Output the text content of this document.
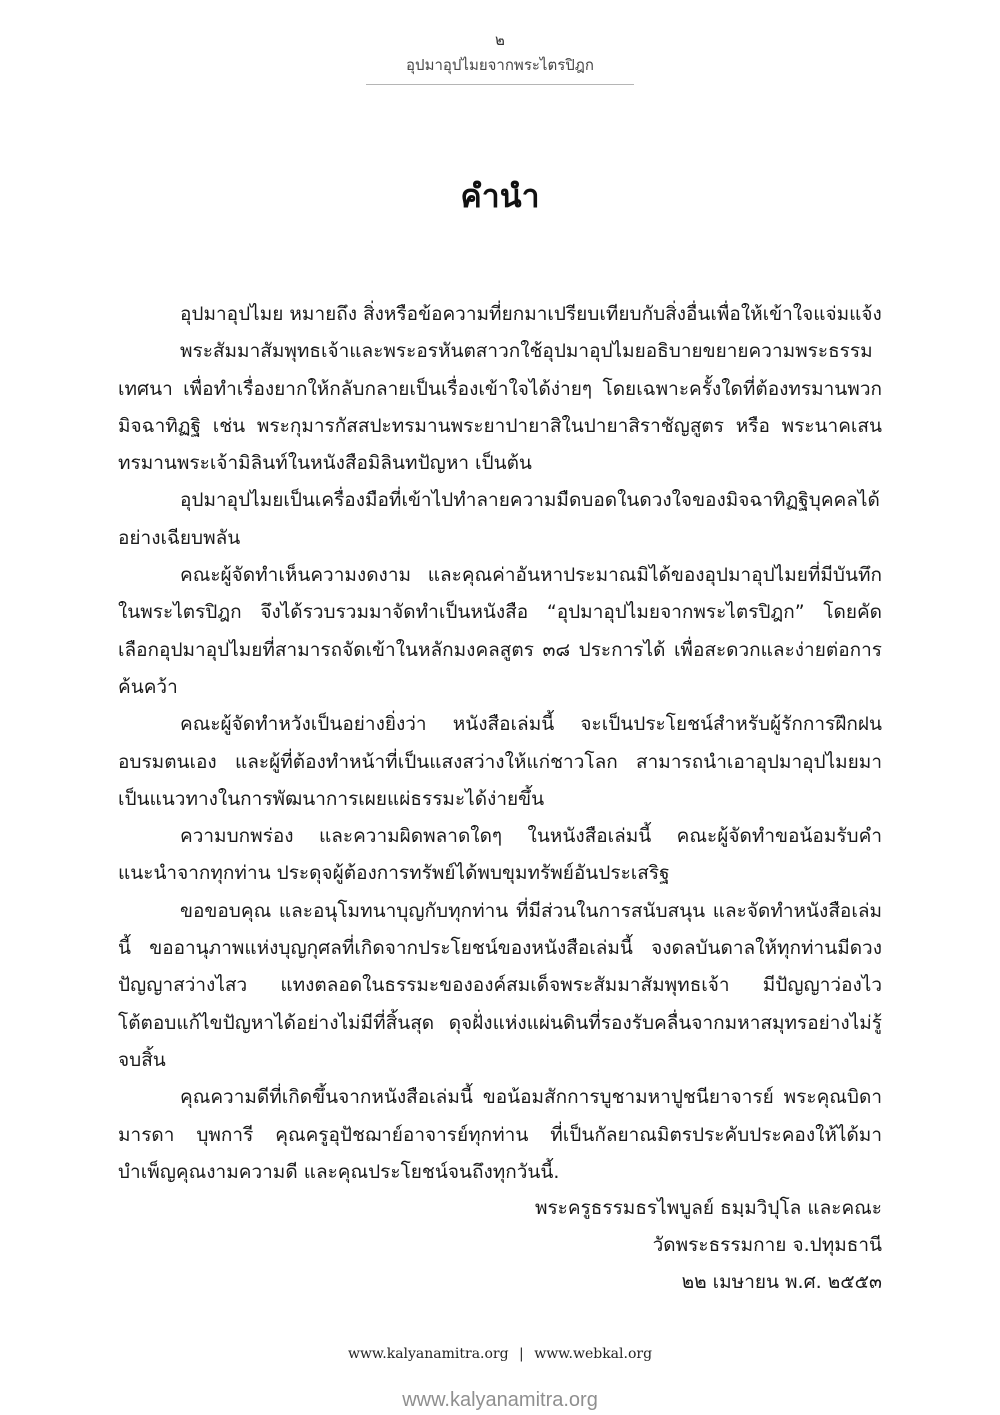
๒
อุปมาอุปไมยจากพระไตรปิฎก
คำนำ

อุปมาอุปไมย หมายถึง สิ่งหรือข้อความที่ยกมาเปรียบเทียบกับสิ่งอื่นเพื่อให้เข้าใจแจ่มแจ้ง

พระสัมมาสัมพุทธเจ้าและพระอรหันตสาวกใช้อุปมาอุปไมยอธิบายขยายความพระธรรมเทศนา เพื่อทำเรื่องยากให้กลับกลายเป็นเรื่องเข้าใจได้ง่ายๆ โดยเฉพาะครั้งใดที่ต้องทรมานพวกมิจฉาทิฏฐิ เช่น พระกุมารกัสสปะทรมานพระยาปายาสิในปายาสิราชัญสูตร หรือ พระนาคเสนทรมานพระเจ้ามิลินท์ในหนังสือมิลินทปัญหา เป็นต้น

อุปมาอุปไมยเป็นเครื่องมือที่เข้าไปทำลายความมืดบอดในดวงใจของมิจฉาทิฏฐิบุคคลได้อย่างเฉียบพลัน

คณะผู้จัดทำเห็นความงดงาม และคุณค่าอันหาประมาณมิได้ของอุปมาอุปไมยที่มีบันทึกในพระไตรปิฎก จึงได้รวบรวมมาจัดทำเป็นหนังสือ “อุปมาอุปไมยจากพระไตรปิฎก” โดยคัดเลือกอุปมาอุปไมยที่สามารถจัดเข้าในหลักมงคลสูตร ๓๘ ประการได้ เพื่อสะดวกและง่ายต่อการค้นคว้า

คณะผู้จัดทำหวังเป็นอย่างยิ่งว่า หนังสือเล่มนี้ จะเป็นประโยชน์สำหรับผู้รักการฝึกฝนอบรมตนเอง และผู้ที่ต้องทำหน้าที่เป็นแสงสว่างให้แก่ชาวโลก สามารถนำเอาอุปมาอุปไมยมาเป็นแนวทางในการพัฒนาการเผยแผ่ธรรมะได้ง่ายขึ้น

ความบกพร่อง และความผิดพลาดใดๆ ในหนังสือเล่มนี้ คณะผู้จัดทำขอน้อมรับคำแนะนำจากทุกท่าน ประดุจผู้ต้องการทรัพย์ได้พบขุมทรัพย์อันประเสริฐ

ขอขอบคุณ และอนุโมทนาบุญกับทุกท่าน ที่มีส่วนในการสนับสนุน และจัดทำหนังสือเล่มนี้ ขออานุภาพแห่งบุญกุศลที่เกิดจากประโยชน์ของหนังสือเล่มนี้ จงดลบันดาลให้ทุกท่านมีดวงปัญญาสว่างไสว แทงตลอดในธรรมะขององค์สมเด็จพระสัมมาสัมพุทธเจ้า มีปัญญาว่องไวโต้ตอบแก้ไขปัญหาได้อย่างไม่มีที่สิ้นสุด ดุจฝั่งแห่งแผ่นดินที่รองรับคลื่นจากมหาสมุทรอย่างไม่รู้จบสิ้น

คุณความดีที่เกิดขึ้นจากหนังสือเล่มนี้ ขอน้อมสักการบูชามหาปูชนียาจารย์ พระคุณบิดามารดา บุพการี คุณครูอุปัชฌาย์อาจารย์ทุกท่าน ที่เป็นกัลยาณมิตรประคับประคองให้ได้มาบำเพ็ญคุณงามความดี และคุณประโยชน์จนถึงทุกวันนี้.

พระครูธรรมธรไพบูลย์ ธมฺมวิปุโล และคณะ
วัดพระธรรมกาย จ.ปทุมธานี
๒๒ เมษายน พ.ศ. ๒๕๕๓
www.kalyanamitra.org | www.webkal.org
www.kalyanamitra.org
